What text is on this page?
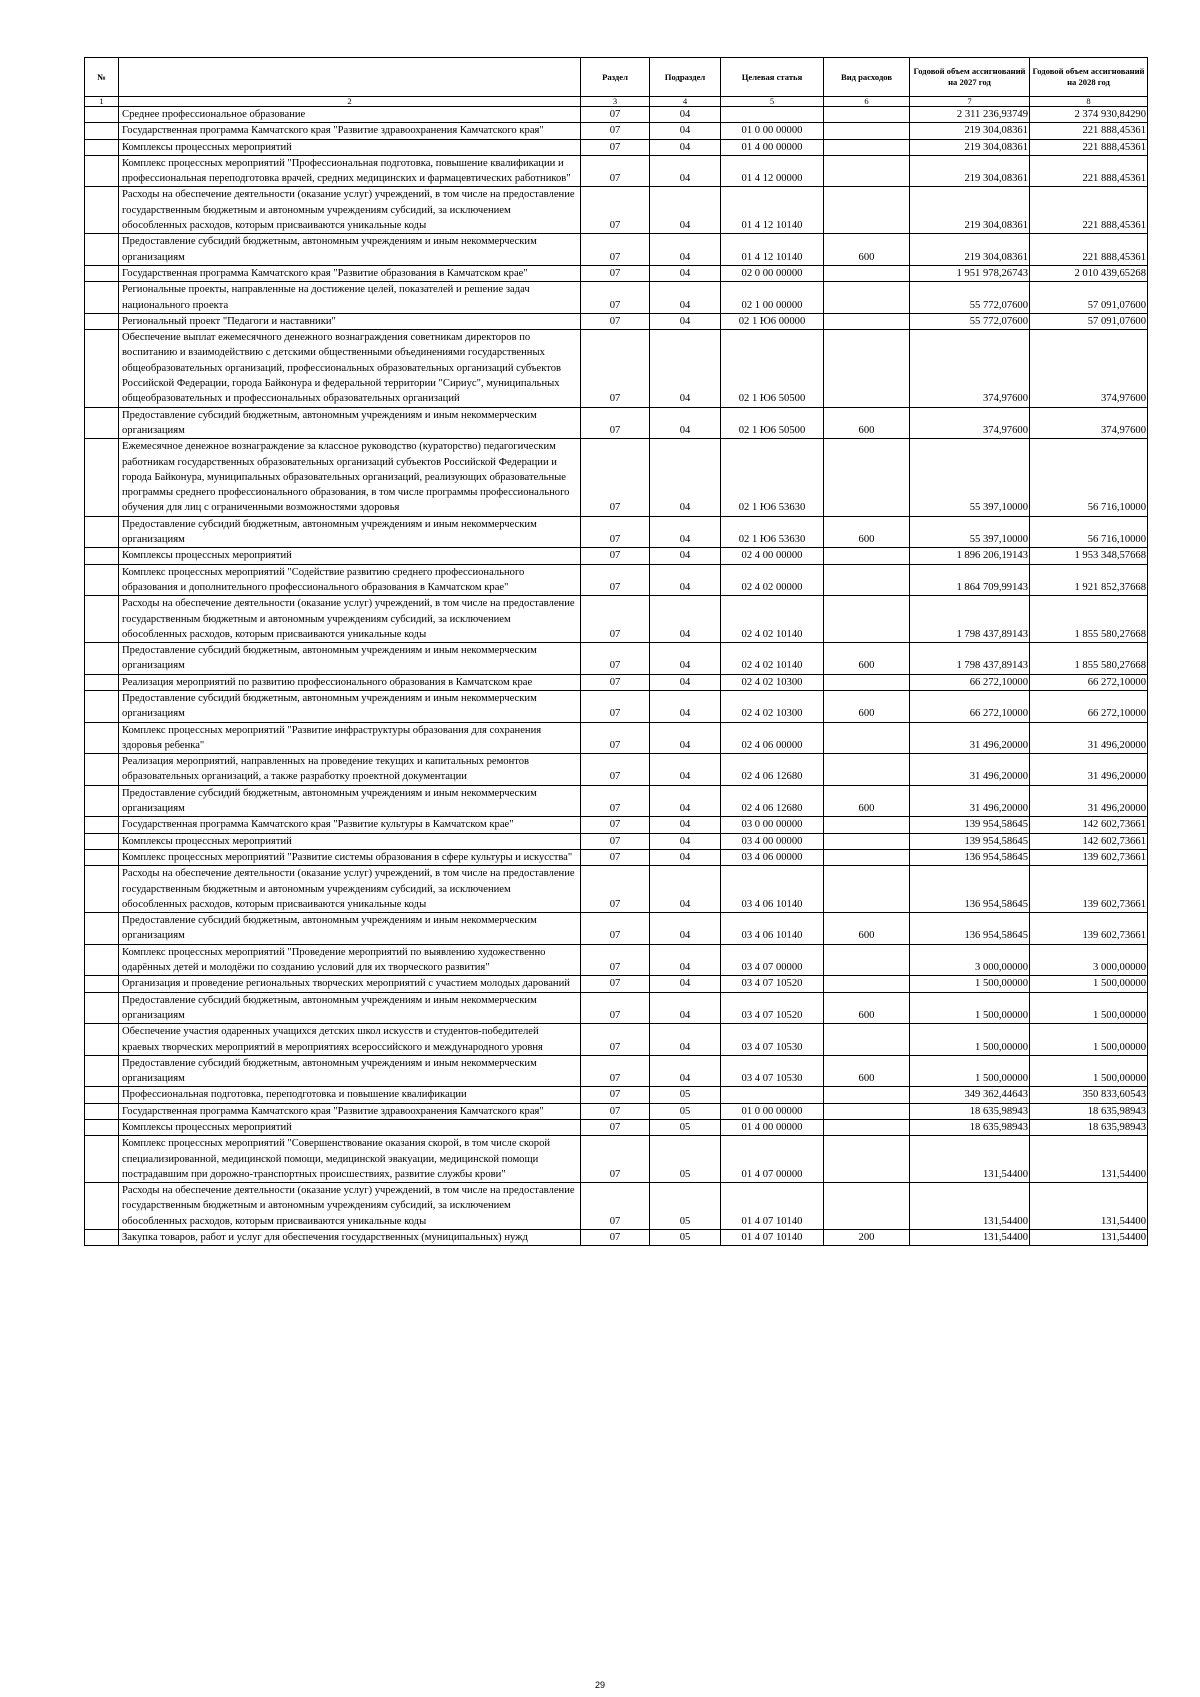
№		Раздел	Подраздел	Целевая статья	Вид расходов	Годовой объем ассигнований на 2027 год	Годовой объем ассигнований на 2028 год
1	2	3	4	5	6	7	8
	Среднее профессиональное образование	07	04			2 311 236,93749	2 374 930,84290
	Государственная программа Камчатского края "Развитие здравоохранения Камчатского края"	07	04	01 0 00 00000		219 304,08361	221 888,45361
	Комплексы процессных мероприятий	07	04	01 4 00 00000		219 304,08361	221 888,45361
	Комплекс процессных мероприятий "Профессиональная подготовка, повышение квалификации и профессиональная переподготовка врачей, средних медицинских и фармацевтических работников"	07	04	01 4 12 00000		219 304,08361	221 888,45361
	Расходы на обеспечение деятельности (оказание услуг) учреждений, в том числе на предоставление государственным бюджетным и автономным учреждениям субсидий, за исключением обособленных расходов, которым присваиваются уникальные коды	07	04	01 4 12 10140		219 304,08361	221 888,45361
	Предоставление субсидий бюджетным, автономным учреждениям и иным некоммерческим организациям	07	04	01 4 12 10140	600	219 304,08361	221 888,45361
	Государственная программа Камчатского края "Развитие образования в Камчатском крае"	07	04	02 0 00 00000		1 951 978,26743	2 010 439,65268
	Региональные проекты, направленные на достижение целей, показателей и решение задач национального проекта	07	04	02 1 00 00000		55 772,07600	57 091,07600
	Региональный проект "Педагоги и наставники"	07	04	02 1 Ю6 00000		55 772,07600	57 091,07600
	Обеспечение выплат ежемесячного денежного вознаграждения советникам директоров по воспитанию и взаимодействию с детскими общественными объединениями государственных общеобразовательных организаций, профессиональных образовательных организаций субъектов Российской Федерации, города Байконура и федеральной территории "Сириус", муниципальных общеобразовательных и профессиональных образовательных организаций	07	04	02 1 Ю6 50500		374,97600	374,97600
	Предоставление субсидий бюджетным, автономным учреждениям и иным некоммерческим организациям	07	04	02 1 Ю6 50500	600	374,97600	374,97600
	Ежемесячное денежное вознаграждение за классное руководство (кураторство) педагогическим работникам государственных образовательных организаций субъектов Российской Федерации и города Байконура, муниципальных образовательных организаций, реализующих образовательные программы среднего профессионального образования, в том числе программы профессионального обучения для лиц с ограниченными возможностями здоровья	07	04	02 1 Ю6 53630		55 397,10000	56 716,10000
	Предоставление субсидий бюджетным, автономным учреждениям и иным некоммерческим организациям	07	04	02 1 Ю6 53630	600	55 397,10000	56 716,10000
	Комплексы процессных мероприятий	07	04	02 4 00 00000		1 896 206,19143	1 953 348,57668
	Комплекс процессных мероприятий "Содействие развитию среднего профессионального образования и дополнительного профессионального образования в Камчатском крае"	07	04	02 4 02 00000		1 864 709,99143	1 921 852,37668
	Расходы на обеспечение деятельности (оказание услуг) учреждений, в том числе на предоставление государственным бюджетным и автономным учреждениям субсидий, за исключением обособленных расходов, которым присваиваются уникальные коды	07	04	02 4 02 10140		1 798 437,89143	1 855 580,27668
	Предоставление субсидий бюджетным, автономным учреждениям и иным некоммерческим организациям	07	04	02 4 02 10140	600	1 798 437,89143	1 855 580,27668
	Реализация мероприятий по развитию профессионального образования в Камчатском крае	07	04	02 4 02 10300		66 272,10000	66 272,10000
	Предоставление субсидий бюджетным, автономным учреждениям и иным некоммерческим организациям	07	04	02 4 02 10300	600	66 272,10000	66 272,10000
	Комплекс процессных мероприятий "Развитие инфраструктуры образования для сохранения здоровья ребенка"	07	04	02 4 06 00000		31 496,20000	31 496,20000
	Реализация мероприятий, направленных на проведение текущих и капитальных ремонтов образовательных организаций, а также разработку проектной документации	07	04	02 4 06 12680		31 496,20000	31 496,20000
	Предоставление субсидий бюджетным, автономным учреждениям и иным некоммерческим организациям	07	04	02 4 06 12680	600	31 496,20000	31 496,20000
	Государственная программа Камчатского края "Развитие культуры в Камчатском крае"	07	04	03 0 00 00000		139 954,58645	142 602,73661
	Комплексы процессных мероприятий	07	04	03 4 00 00000		139 954,58645	142 602,73661
	Комплекс процессных мероприятий "Развитие системы образования в сфере культуры и искусства"	07	04	03 4 06 00000		136 954,58645	139 602,73661
	Расходы на обеспечение деятельности (оказание услуг) учреждений, в том числе на предоставление государственным бюджетным и автономным учреждениям субсидий, за исключением обособленных расходов, которым присваиваются уникальные коды	07	04	03 4 06 10140		136 954,58645	139 602,73661
	Предоставление субсидий бюджетным, автономным учреждениям и иным некоммерческим организациям	07	04	03 4 06 10140	600	136 954,58645	139 602,73661
	Комплекс процессных мероприятий "Проведение мероприятий по выявлению художественно одарённых детей и молодёжи по созданию условий для их творческого развития"	07	04	03 4 07 00000		3 000,00000	3 000,00000
	Организация и проведение региональных творческих мероприятий с участием молодых дарований	07	04	03 4 07 10520		1 500,00000	1 500,00000
	Предоставление субсидий бюджетным, автономным учреждениям и иным некоммерческим организациям	07	04	03 4 07 10520	600	1 500,00000	1 500,00000
	Обеспечение участия одаренных учащихся детских школ искусств и студентов-победителей краевых творческих мероприятий в мероприятиях всероссийского и международного уровня	07	04	03 4 07 10530		1 500,00000	1 500,00000
	Предоставление субсидий бюджетным, автономным учреждениям и иным некоммерческим организациям	07	04	03 4 07 10530	600	1 500,00000	1 500,00000
	Профессиональная подготовка, переподготовка и повышение квалификации	07	05			349 362,44643	350 833,60543
	Государственная программа Камчатского края "Развитие здравоохранения Камчатского края"	07	05	01 0 00 00000		18 635,98943	18 635,98943
	Комплексы процессных мероприятий	07	05	01 4 00 00000		18 635,98943	18 635,98943
	Комплекс процессных мероприятий "Совершенствование оказания скорой, в том числе скорой специализированной, медицинской помощи, медицинской эвакуации, медицинской помощи пострадавшим при дорожно-транспортных происшествиях, развитие службы крови"	07	05	01 4 07 00000		131,54400	131,54400
	Расходы на обеспечение деятельности (оказание услуг) учреждений, в том числе на предоставление государственным бюджетным и автономным учреждениям субсидий, за исключением обособленных расходов, которым присваиваются уникальные коды	07	05	01 4 07 10140		131,54400	131,54400
	Закупка товаров, работ и услуг для обеспечения государственных (муниципальных) нужд	07	05	01 4 07 10140	200	131,54400	131,54400
29
